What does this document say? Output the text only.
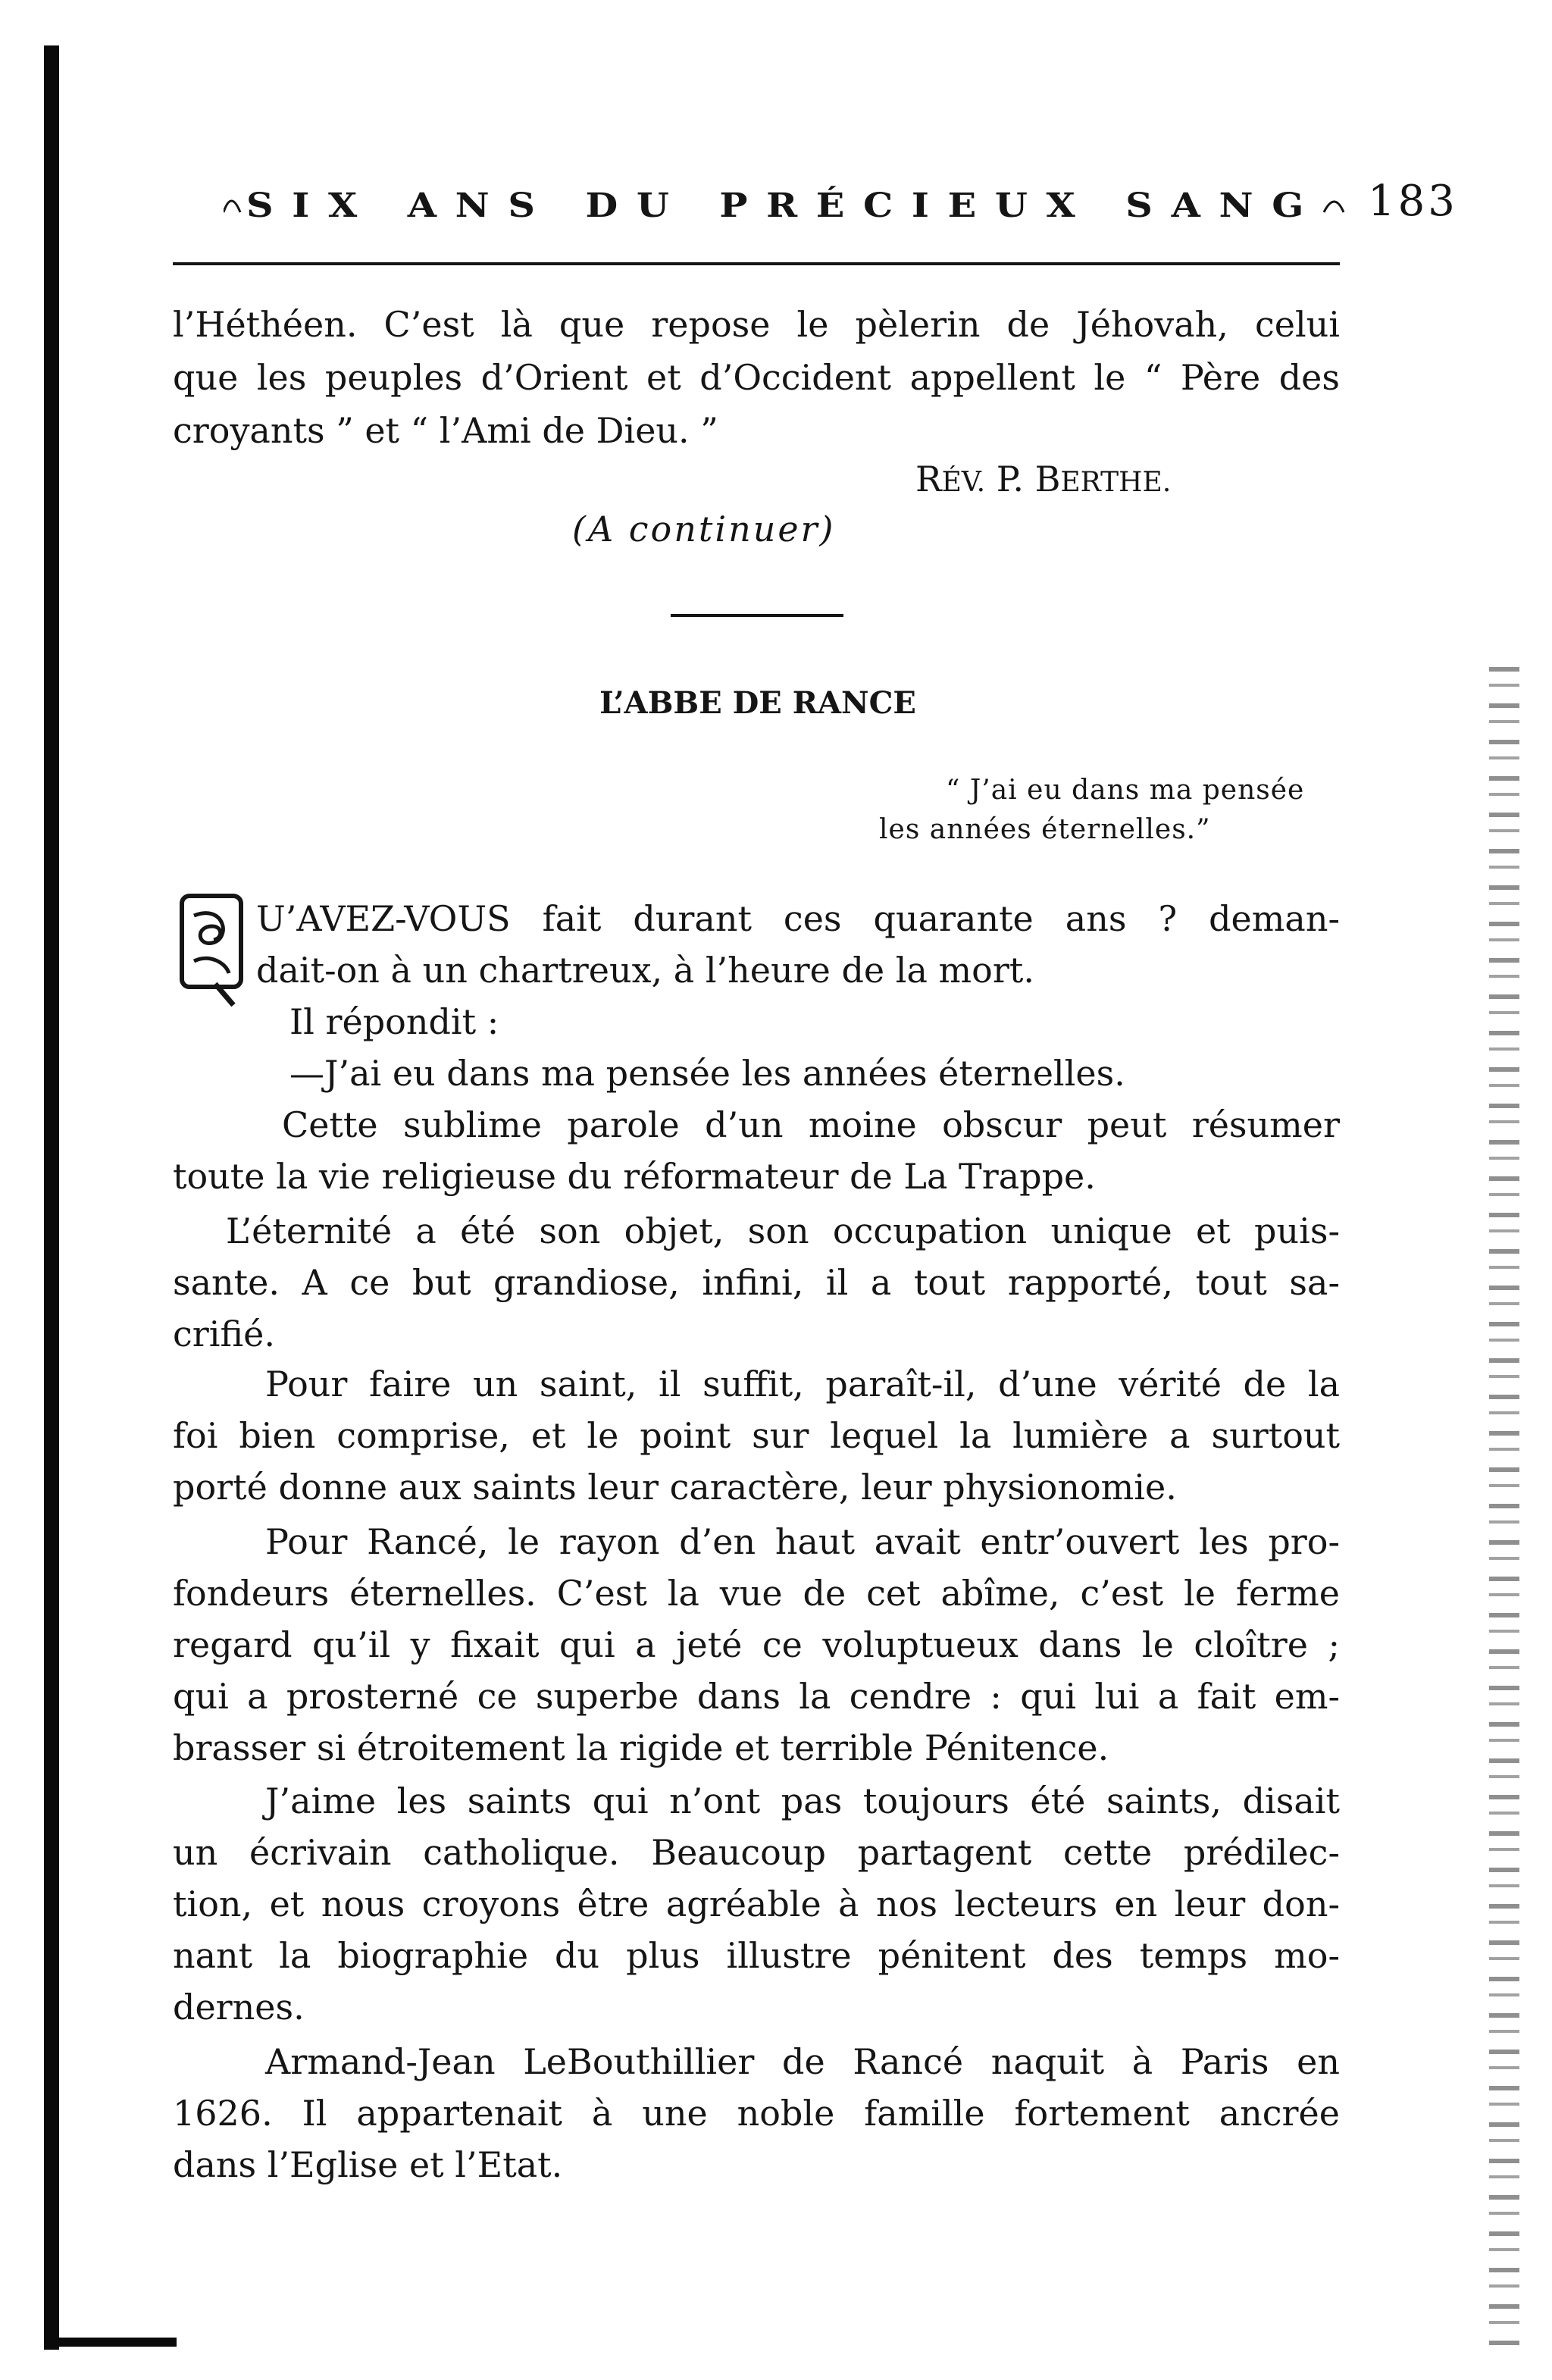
SIX ANS DU PRÉCIEUX SANG	183
l’Héthéen. C’est là que repose le pèlerin de Jéhovah, celui
que les peuples d’Orient et d’Occident appellent le “ Père des
croyants ” et “ l’Ami de Dieu. ”
RÉV. P. BERTHE.
(A continuer)
L’ABBE DE RANCE
“ J’ai eu dans ma pensée
les années éternelles.”
Q
U’AVEZ-VOUS fait durant ces quarante ans ? deman-
dait-on à un chartreux, à l’heure de la mort.
Il répondit :
—J’ai eu dans ma pensée les années éternelles.
Cette sublime parole d’un moine obscur peut résumer
toute la vie religieuse du réformateur de La Trappe.
L’éternité a été son objet, son occupation unique et puis-
sante. A ce but grandiose, infini, il a tout rapporté, tout sa-
crifié.
Pour faire un saint, il suffit, paraît-il, d’une vérité de la
foi bien comprise, et le point sur lequel la lumière a surtout
porté donne aux saints leur caractère, leur physionomie.
Pour Rancé, le rayon d’en haut avait entr’ouvert les pro-
fondeurs éternelles. C’est la vue de cet abîme, c’est le ferme
regard qu’il y fixait qui a jeté ce voluptueux dans le cloître ;
qui a prosterné ce superbe dans la cendre : qui lui a fait em-
brasser si étroitement la rigide et terrible Pénitence.
J’aime les saints qui n’ont pas toujours été saints, disait
un écrivain catholique. Beaucoup partagent cette prédilec-
tion, et nous croyons être agréable à nos lecteurs en leur don-
nant la biographie du plus illustre pénitent des temps mo-
dernes.
Armand-Jean LeBouthillier de Rancé naquit à Paris en
1626. Il appartenait à une noble famille fortement ancrée
dans l’Eglise et l’Etat.
